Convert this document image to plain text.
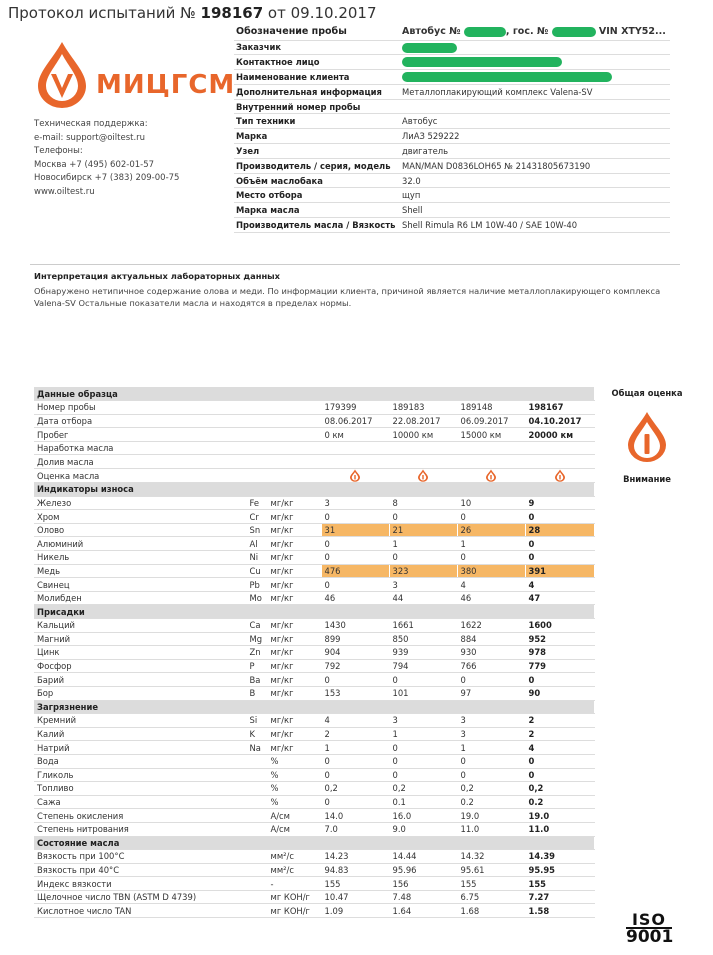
Протокол испытаний № 198167 от 09.10.2017
МИЦГСМ
Техническая поддержка:
e-mail: support@oiltest.ru
Телефоны:
Москва +7 (495) 602-01-57
Новосибирск +7 (383) 209-00-75
www.oiltest.ru
Обозначение пробы	Автобус № , гос. № VIN XTY52...
Заказчик	
Контактное лицо	
Наименование клиента	
Дополнительная информация	Металлоплакирующий комплекс Valena-SV
Внутренний номер пробы	
Тип техники	Автобус
Марка	ЛиАЗ 529222
Узел	двигатель
Производитель / серия, модель	MAN/MAN D0836LOH65 № 21431805673190
Объём маслобака	32.0
Место отбора	щуп
Марка масла	Shell
Производитель масла / Вязкость	Shell Rimula R6 LM 10W-40 / SAE 10W-40
Интерпретация актуальных лабораторных данных
Обнаружено нетипичное содержание олова и меди. По информации клиента, причиной является наличие металлоплакирующего комплекса Valena-SV Остальные показатели масла и находятся в пределах нормы.
Данные образца						
Номер пробы			179399	189183	189148	198167
Дата отбора			08.06.2017	22.08.2017	06.09.2017	04.10.2017
Пробег			0 км	10000 км	15000 км	20000 км
Наработка масла						
Долив масла						
Оценка масла	

Индикаторы износа						
Железо	Fe	мг/кг	3	8	10	9
Хром	Cr	мг/кг	0	0	0	0
Олово	Sn	мг/кг	31	21	26	28
Алюминий	Al	мг/кг	0	1	1	0
Никель	Ni	мг/кг	0	0	0	0
Медь	Cu	мг/кг	476	323	380	391
Свинец	Pb	мг/кг	0	3	4	4
Молибден	Mo	мг/кг	46	44	46	47
Присадки						
Кальций	Ca	мг/кг	1430	1661	1622	1600
Магний	Mg	мг/кг	899	850	884	952
Цинк	Zn	мг/кг	904	939	930	978
Фосфор	P	мг/кг	792	794	766	779
Барий	Ba	мг/кг	0	0	0	0
Бор	B	мг/кг	153	101	97	90
Загрязнение						
Кремний	Si	мг/кг	4	3	3	2
Калий	K	мг/кг	2	1	3	2
Натрий	Na	мг/кг	1	0	1	4
Вода		%	0	0	0	0
Гликоль		%	0	0	0	0
Топливо		%	0,2	0,2	0,2	0,2
Сажа		%	0	0.1	0.2	0.2
Степень окисления		А/см	14.0	16.0	19.0	19.0
Степень нитрования		А/см	7.0	9.0	11.0	11.0
Состояние масла						
Вязкость при 100°С		мм²/с	14.23	14.44	14.32	14.39
Вязкость при 40°С		мм²/с	94.83	95.96	95.61	95.95
Индекс вязкости		-	155	156	155	155
Щелочное число TBN (ASTM D 4739)		мг КОН/г	10.47	7.48	6.75	7.27
Кислотное число TAN		мг КОН/г	1.09	1.64	1.68	1.58
Общая оценка
Внимание
ISO
9001
